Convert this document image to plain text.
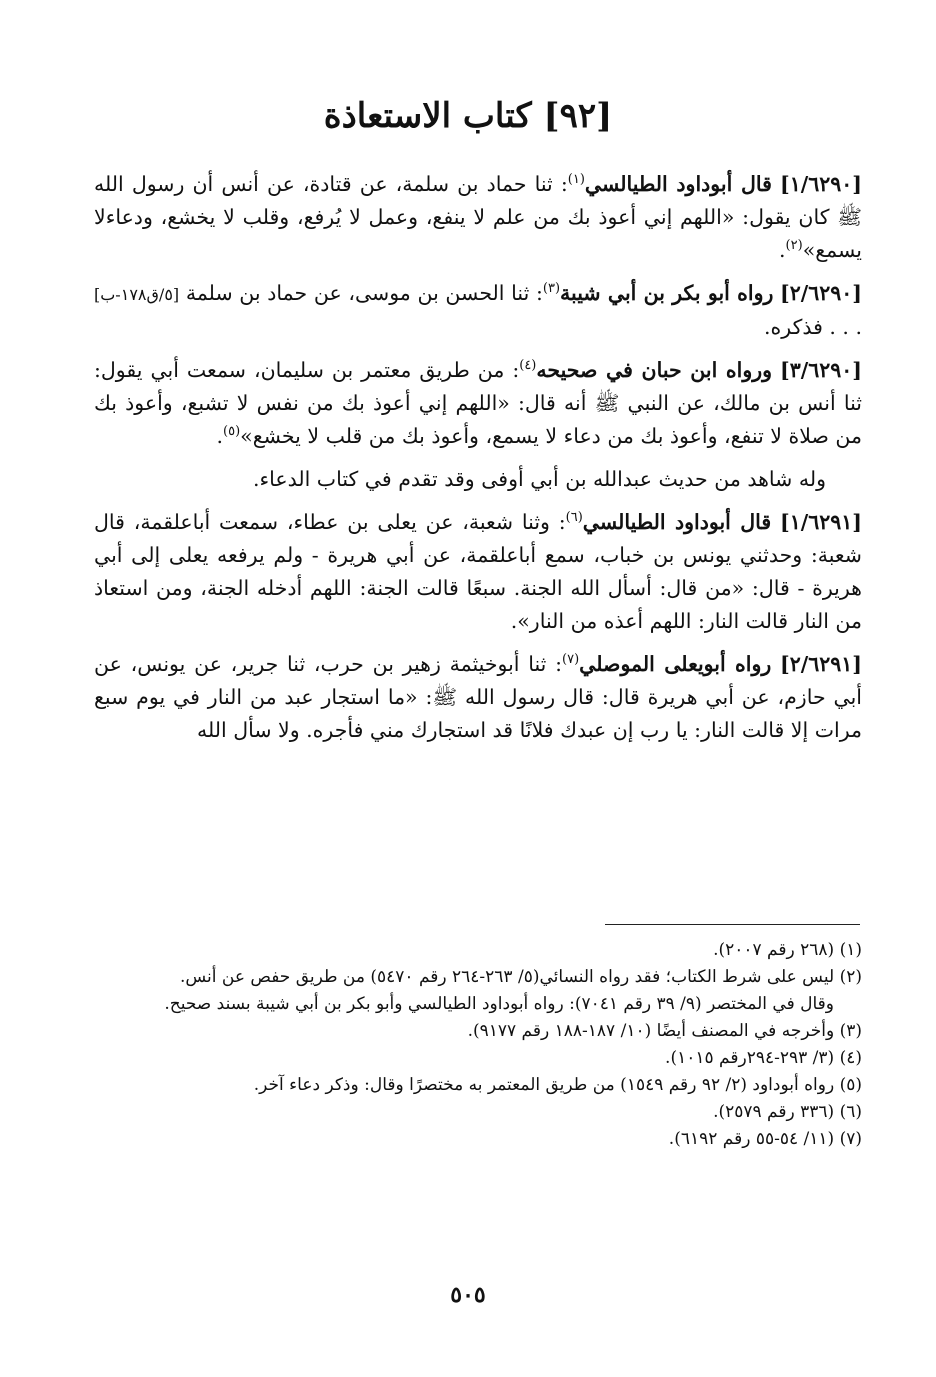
[٩٢] كتاب الاستعاذة

[١/٦٢٩٠] قال أبوداود الطيالسي$^{(١)}$: ثنا حماد بن سلمة، عن قتادة، عن أنس أن رسول الله ﷺ كان يقول: «اللهم إني أعوذ بك من علم لا ينفع، وعمل لا يُرفع، وقلب لا يخشع، ودعاءلا يسمع»$^{(٢)}$.

[٢/٦٢٩٠] رواه أبو بكر بن أبي شيبة$^{(٣)}$: ثنا الحسن بن موسى، عن حماد بن سلمة [٥/ق١٧٨-ب] . . . فذكره.

[٣/٦٢٩٠] ورواه ابن حبان في صحيحه$^{(٤)}$: من طريق معتمر بن سليمان، سمعت أبي يقول: ثنا أنس بن مالك، عن النبي ﷺ أنه قال: «اللهم إني أعوذ بك من نفس لا تشبع، وأعوذ بك من صلاة لا تنفع، وأعوذ بك من دعاء لا يسمع، وأعوذ بك من قلب لا يخشع»$^{(٥)}$.

وله شاهد من حديث عبدالله بن أبي أوفى وقد تقدم في كتاب الدعاء.

[١/٦٢٩١] قال أبوداود الطيالسي$^{(٦)}$: وثنا شعبة، عن يعلى بن عطاء، سمعت أباعلقمة، قال شعبة: وحدثني يونس بن خباب، سمع أباعلقمة، عن أبي هريرة - ولم يرفعه يعلى إلى أبي هريرة - قال: «من قال: أسأل الله الجنة. سبعًا قالت الجنة: اللهم أدخله الجنة، ومن استعاذ من النار قالت النار: اللهم أعذه من النار».

[٢/٦٢٩١] رواه أبويعلى الموصلي$^{(٧)}$: ثنا أبوخيثمة زهير بن حرب، ثنا جرير، عن يونس، عن أبي حازم، عن أبي هريرة قال: قال رسول الله ﷺ: «ما استجار عبد من النار في يوم سبع مرات إلا قالت النار: يا رب إن عبدك فلانًا قد استجارك مني فأجره. ولا سأل الله

(١) (٢٦٨ رقم ٢٠٠٧).

(٢) ليس على شرط الكتاب؛ فقد رواه النسائي(٥/ ٢٦٣-٢٦٤ رقم ٥٤٧٠) من طريق حفص عن أنس.

وقال في المختصر (٩/ ٣٩ رقم ٧٠٤١): رواه أبوداود الطيالسي وأبو بكر بن أبي شيبة بسند صحيح.

(٣) وأخرجه في المصنف أيضًا (١٠/ ١٨٧-١٨٨ رقم ٩١٧٧).

(٤) (٣/ ٢٩٣-٢٩٤رقم ١٠١٥).

(٥) رواه أبوداود (٢/ ٩٢ رقم ١٥٤٩) من طريق المعتمر به مختصرًا وقال: وذكر دعاء آخر.

(٦) (٣٣٦ رقم ٢٥٧٩).

(٧) (١١/ ٥٤-٥٥ رقم ٦١٩٢).

٥٠٥
